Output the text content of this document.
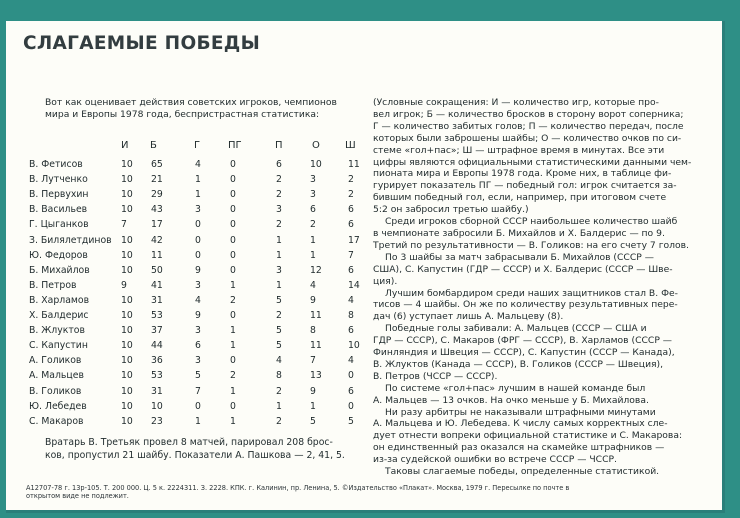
СЛАГАЕМЫЕ ПОБЕДЫ

Вот как оценивает действия советских игроков, чемпионов

мира и Европы 1978 года, беспристрастная статистика:

И Б	Г	ПГ	П	О	Ш
В. Фетисов	10 65	4	0	6	10	11
В. Лутченко	10 21	1	0	2	3	2
В. Первухин	10 29	1	0	2	3	2
В. Васильев	10 43	3	0	3	6	6
Г. Цыганков	7	17	0	0	2	2	6
З. Билялетдинов 10 42	0	0	1	1	17
Ю. Федоров	10 11	0	0	1	1	7
Б. Михайлов	10 50	9	0	3	12	6
В. Петров	9	41	3	1	1	4	14
В. Харламов	10 31	4	2	5	9	4
Х. Балдерис	10 53	9	0	2	11	8
В. Жлуктов	10 37	3	1	5	8	6
С. Капустин	10 44	6	1	5	11	10
А. Голиков	10 36	3	0	4	7	4
А. Мальцев	10 53	5	2	8	13	0
В. Голиков	10 31	7	1	2	9	6
Ю. Лебедев	10 10	0	0	1	1	0
С. Макаров	10 23	1	1	2	5	5

Вратарь В. Третьяк провел 8 матчей, парировал 208 брос-

ков, пропустил 21 шайбу. Показатели А. Пашкова — 2, 41, 5.

(Условные сокращения: И — количество игр, которые про-
вел игрок; Б — количество бросков в сторону ворот соперника;
Г — количество забитых голов; П — количество передач, после
которых были заброшены шайбы; О — количество очков по си-
стеме «гол+пас»; Ш — штрафное время в минутах. Все эти
цифры являются официальными статистическими данными чем-
пионата мира и Европы 1978 года. Кроме них, в таблице фи-
гурирует показатель ПГ — победный гол: игрок считается за-
бившим победный гол, если, например, при итоговом счете
5:2 он забросил третью шайбу.)
Среди игроков сборной СССР наибольшее количество шайб
в чемпионате забросили Б. Михайлов и Х. Балдерис — по 9.
Третий по результативности — В. Голиков: на его счету 7 голов.
По 3 шайбы за матч забрасывали Б. Михайлов (СССР —
США), С. Капустин (ГДР — СССР) и Х. Балдерис (СССР — Шве-
ция).
Лучшим бомбардиром среди наших защитников стал В. Фе-
тисов — 4 шайбы. Он же по количеству результативных пере-
дач (6) уступает лишь А. Мальцеву (8).
Победные голы забивали: А. Мальцев (СССР — США и
ГДР — СССР), С. Макаров (ФРГ — СССР), В. Харламов (СССР —
Финляндия и Швеция — СССР), С. Капустин (СССР — Канада),
В. Жлуктов (Канада — СССР), В. Голиков (СССР — Швеция),
В. Петров (ЧССР — СССР).
По системе «гол+пас» лучшим в нашей команде был
А. Мальцев — 13 очков. На очко меньше у Б. Михайлова.
Ни разу арбитры не наказывали штрафными минутами
А. Мальцева и Ю. Лебедева. К числу самых корректных сле-
дует отнести вопреки официальной статистике и С. Макарова:
он единственный раз оказался на скамейке штрафников —
из-за судейской ошибки во встрече СССР — ЧССР.
Таковы слагаемые победы, определенные статистикой.
А12707-78 г. 13р-105. Т. 200 000. Ц. 5 к. 2224311. З. 2228. КПК. г. Калинин, пр. Ленина, 5. ©Издательство «Плакат». Москва, 1979 г. Пересылке по почте в
открытом виде не подлежит.
